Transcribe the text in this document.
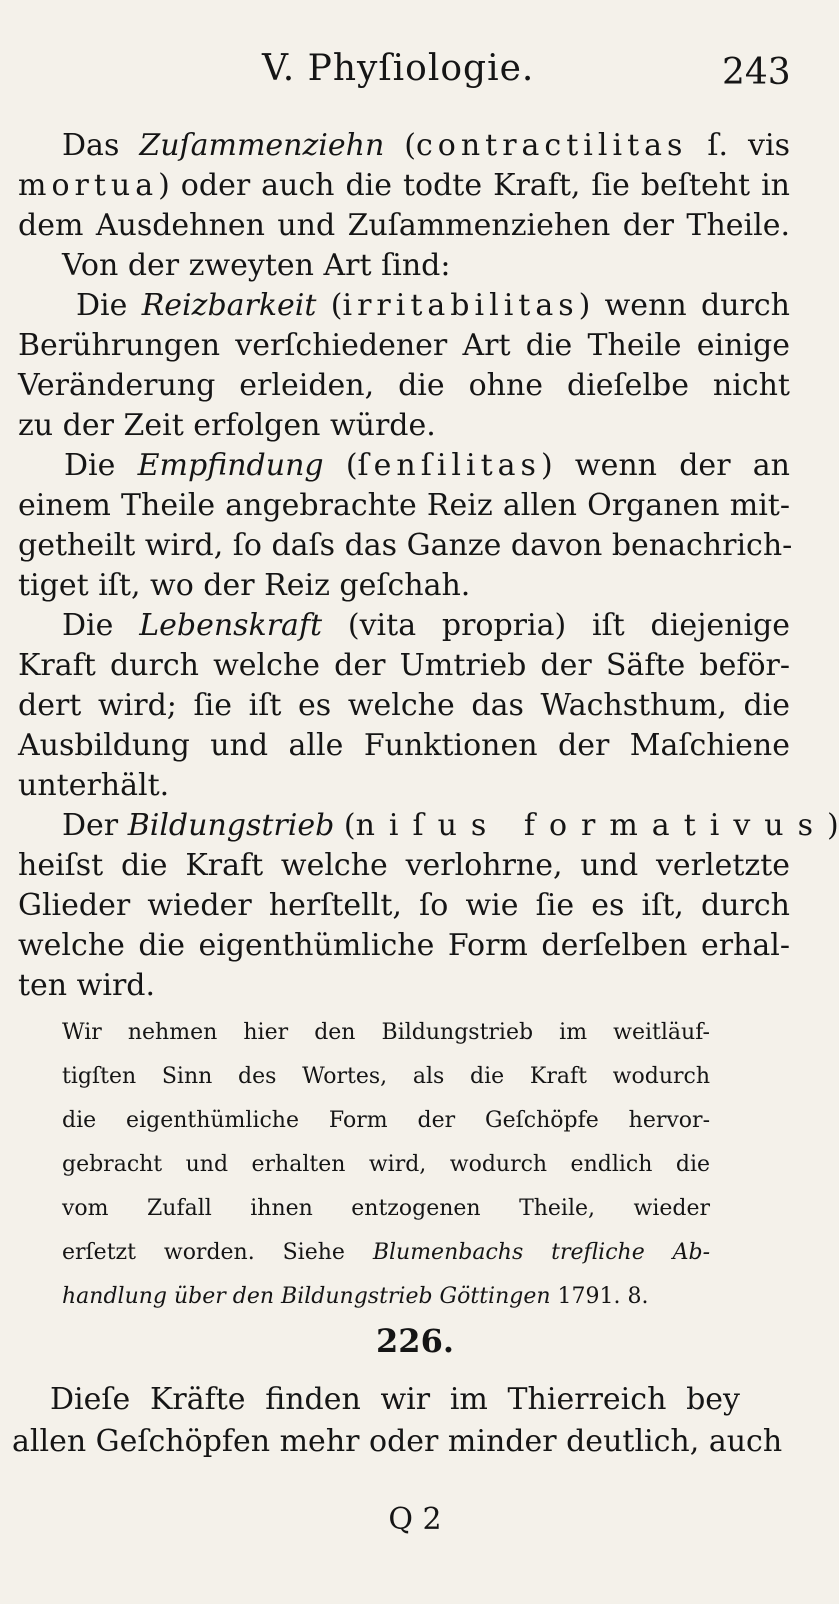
V. Phyſiologie.	243
Das Zuſammenziehn (contractilitas ſ. vis
mortua) oder auch die todte Kraft, ſie beſteht in
dem Ausdehnen und Zuſammenziehen der Theile.
Von der zweyten Art ſind:
Die Reizbarkeit (irritabilitas) wenn durch
Berührungen verſchiedener Art die Theile einige
Veränderung erleiden, die ohne dieſelbe nicht
zu der Zeit erfolgen würde.
Die Empfindung (ſenſilitas) wenn der an
einem Theile angebrachte Reiz allen Organen mit-
getheilt wird, ſo daſs das Ganze davon benachrich-
tiget iſt, wo der Reiz geſchah.
Die Lebenskraft (vita propria) iſt diejenige
Kraft durch welche der Umtrieb der Säfte beför-
dert wird; ſie iſt es welche das Wachsthum, die
Ausbildung und alle Funktionen der Maſchiene
unterhält.
Der Bildungstrieb (niſus formativus)
heiſst die Kraft welche verlohrne, und verletzte
Glieder wieder herſtellt, ſo wie ſie es iſt, durch
welche die eigenthümliche Form derſelben erhal-
ten wird.
Wir nehmen hier den Bildungstrieb im weitläuf-
tigſten Sinn des Wortes, als die Kraft wodurch
die eigenthümliche Form der Geſchöpfe hervor-
gebracht und erhalten wird, wodurch endlich die
vom Zufall ihnen entzogenen Theile, wieder
erſetzt worden. Siehe Blumenbachs trefliche Ab-
handlung über den Bildungstrieb Göttingen 1791. 8.
226.
Dieſe Kräfte finden wir im Thierreich bey
allen Geſchöpfen mehr oder minder deutlich, auch
Q 2
